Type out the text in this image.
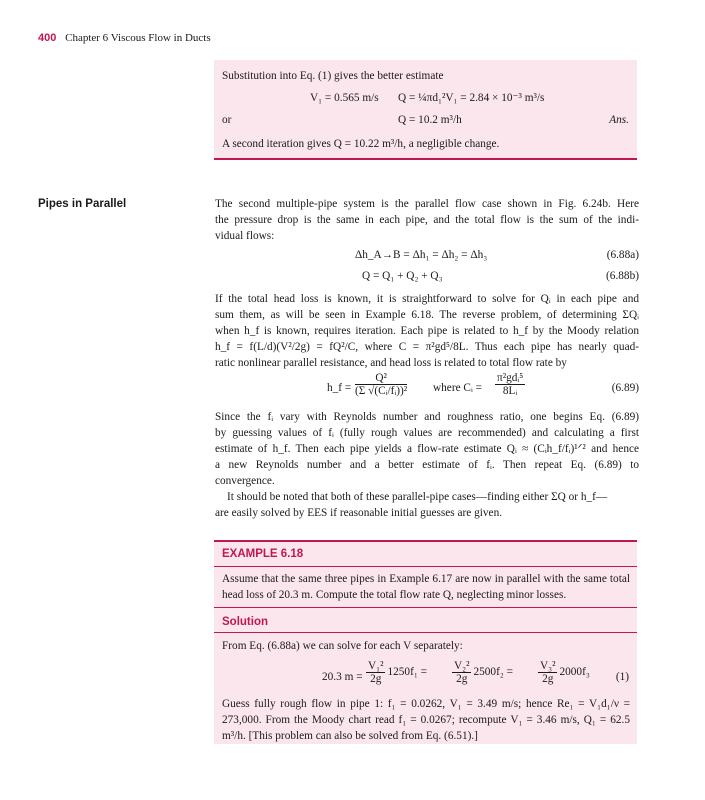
400 Chapter 6 Viscous Flow in Ducts
Substitution into Eq. (1) gives the better estimate
V₁ = 0.565 m/s Q = ¼πd₁²V₁ = 2.84 × 10⁻³ m³/s
or	Q = 10.2 m³/h	Ans.
A second iteration gives Q = 10.22 m³/h, a negligible change.
Pipes in Parallel	The second multiple-pipe system is the parallel flow case shown in Fig. 6.24b. Here
the pressure drop is the same in each pipe, and the total flow is the sum of the indi-
vidual flows:
Δh_A→B = Δh₁ = Δh₂ = Δh₃	(6.88a)
Q = Q₁ + Q₂ + Q₃	(6.88b)
If the total head loss is known, it is straightforward to solve for Qᵢ in each pipe and
sum them, as will be seen in Example 6.18. The reverse problem, of determining ΣQᵢ
when h_f is known, requires iteration. Each pipe is related to h_f by the Moody relation
h_f = f(L/d)(V²/2g) = fQ²/C, where C = π²gd⁵/8L. Thus each pipe has nearly quad-
ratic nonlinear parallel resistance, and head loss is related to total flow rate by
h_f = $\frac{\text{Q²}}{\text{(Σ √(Cᵢ/fᵢ))²}}$ where Cᵢ = $\frac{\text{π²gdᵢ⁵}}{\text{8Lᵢ}}$	(6.89)
Since the fᵢ vary with Reynolds number and roughness ratio, one begins Eq. (6.89)
by guessing values of fᵢ (fully rough values are recommended) and calculating a first
estimate of h_f. Then each pipe yields a flow-rate estimate Qᵢ ≈ (Cᵢh_f/fᵢ)¹ᐟ² and hence
a new Reynolds number and a better estimate of fᵢ. Then repeat Eq. (6.89) to
convergence.
It should be noted that both of these parallel-pipe cases—finding either ΣQ or h_f—
are easily solved by EES if reasonable initial guesses are given.
EXAMPLE 6.18
Assume that the same three pipes in Example 6.17 are now in parallel with the same total
head loss of 20.3 m. Compute the total flow rate Q, neglecting minor losses.
Solution
From Eq. (6.88a) we can solve for each V separately:
20.3 $m = \frac{\text{V₁²}}{2g} 1250f_1 = \frac{\text{V₂²}}{2g} 2500f_2 = \frac{\text{V₃²}}{2g} 2000f_3$ (1)
Guess fully rough flow in pipe 1: f₁ = 0.0262, V₁ = 3.49 m/s; hence Re₁ = V₁d₁/ν =
273,000. From the Moody chart read f₁ = 0.0267; recompute V₁ = 3.46 m/s, Q₁ = 62.5
m³/h. [This problem can also be solved from Eq. (6.51).]
